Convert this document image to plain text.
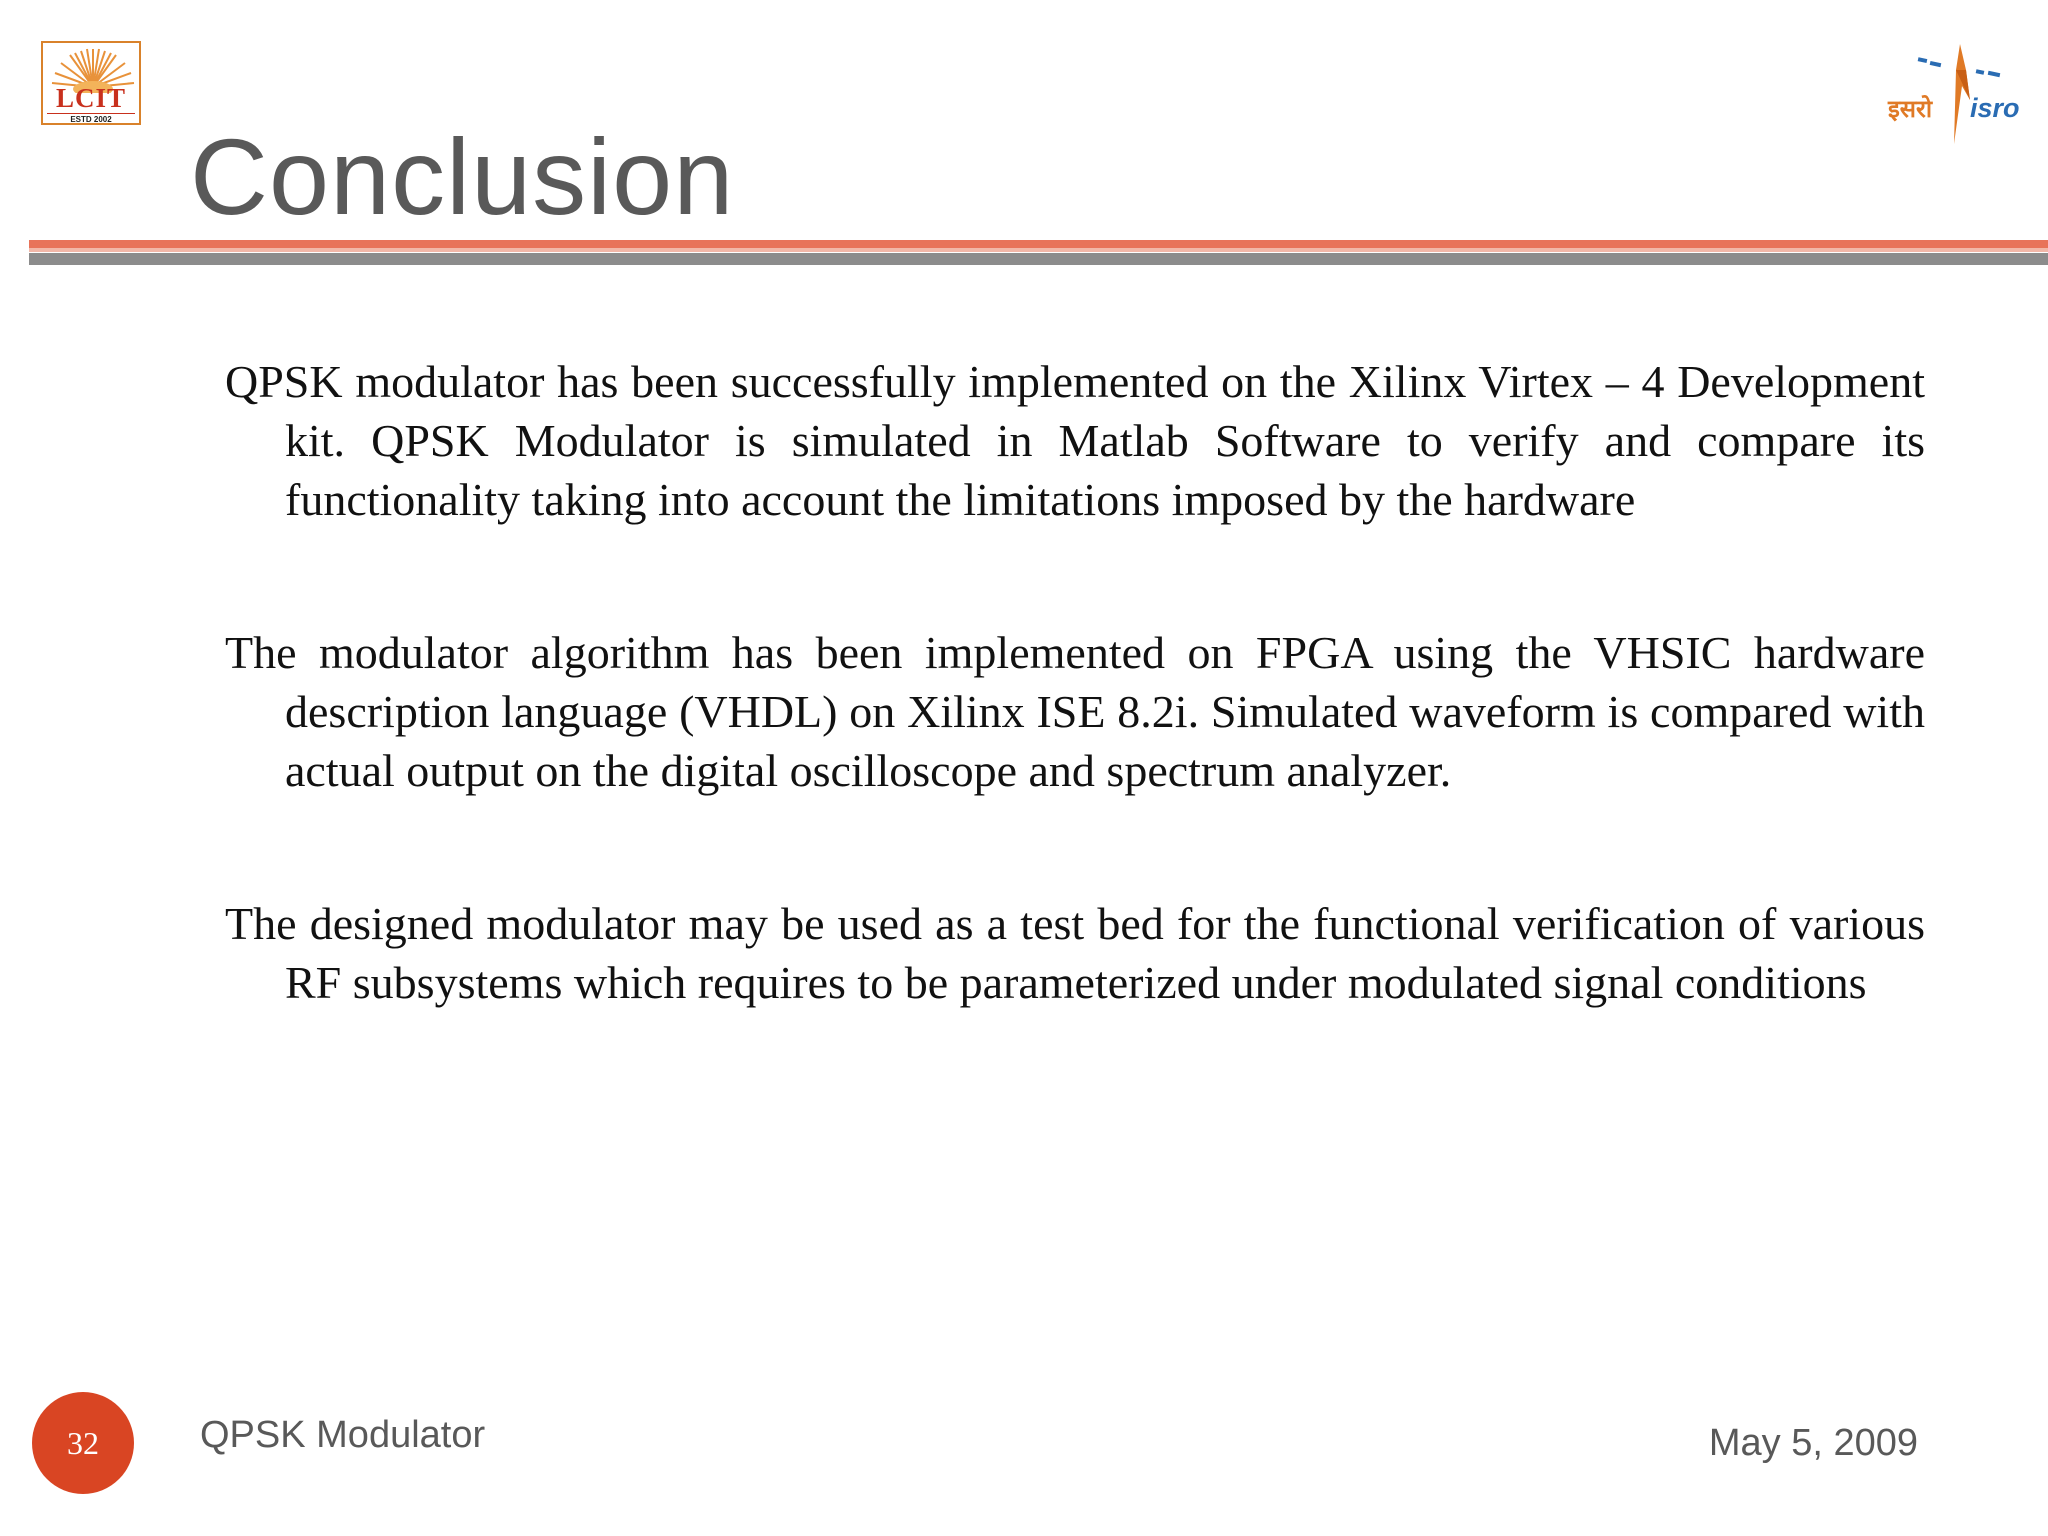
LCIT
ESTD 2002	इसरो isro
Conclusion

QPSK modulator has been successfully implemented on the Xilinx Virtex – 4 Development kit. QPSK Modulator is simulated in Matlab Software to verify and compare its functionality taking into account the limitations imposed by the hardware

The modulator algorithm has been implemented on FPGA using the VHSIC hardware description language (VHDL) on Xilinx ISE 8.2i. Simulated waveform is compared with actual output on the digital oscilloscope and spectrum analyzer.

The designed modulator may be used as a test bed for the functional verification of various RF subsystems which requires to be parameterized under modulated signal conditions

32	QPSK Modulator	May 5, 2009
